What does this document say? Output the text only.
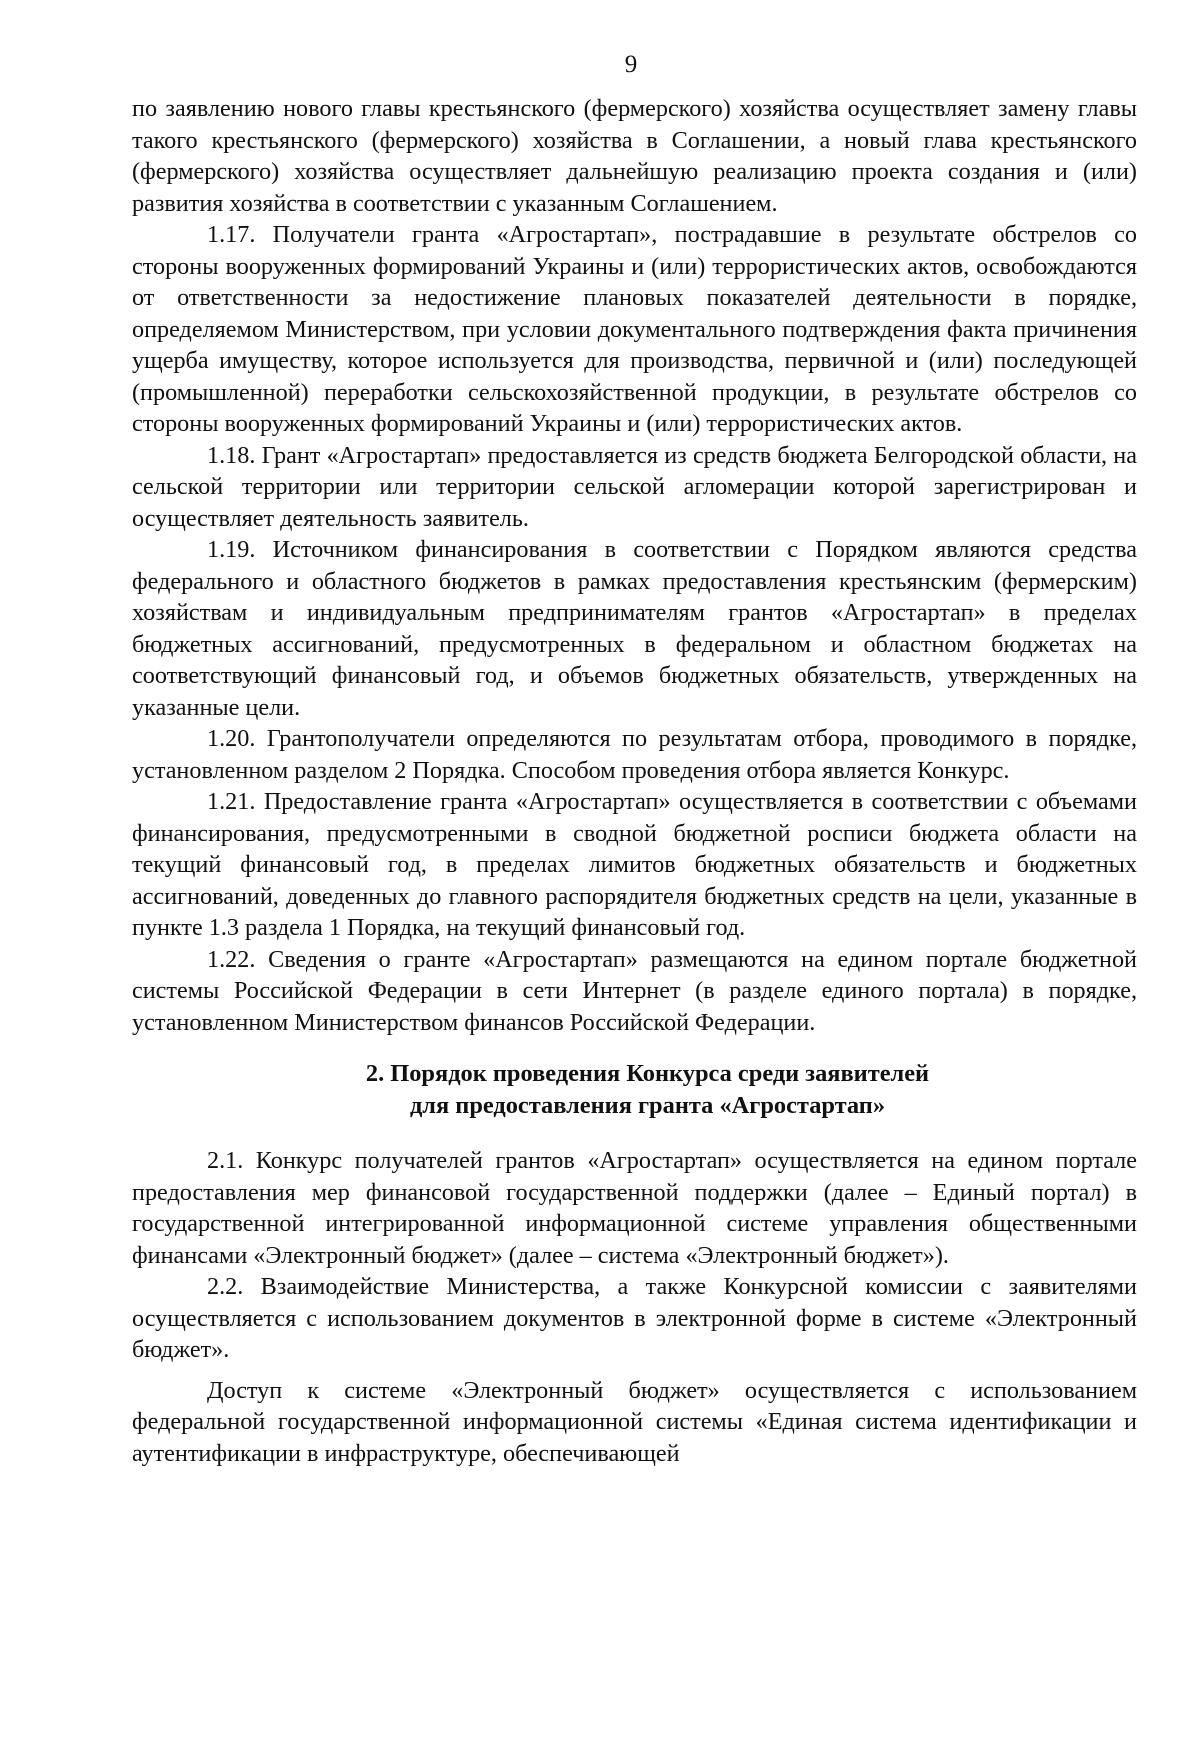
9

по заявлению нового главы крестьянского (фермерского) хозяйства осуществляет замену главы такого крестьянского (фермерского) хозяйства в Соглашении, а новый глава крестьянского (фермерского) хозяйства осуществляет дальнейшую реализацию проекта создания и (или) развития хозяйства в соответствии с указанным Соглашением.

1.17. Получатели гранта «Агростартап», пострадавшие в результате обстрелов со стороны вооруженных формирований Украины и (или) террористических актов, освобождаются от ответственности за недостижение плановых показателей деятельности в порядке, определяемом Министерством, при условии документального подтверждения факта причинения ущерба имуществу, которое используется для производства, первичной и (или) последующей (промышленной) переработки сельскохозяйственной продукции, в результате обстрелов со стороны вооруженных формирований Украины и (или) террористических актов.

1.18. Грант «Агростартап» предоставляется из средств бюджета Белгородской области, на сельской территории или территории сельской агломерации которой зарегистрирован и осуществляет деятельность заявитель.

1.19. Источником финансирования в соответствии с Порядком являются средства федерального и областного бюджетов в рамках предоставления крестьянским (фермерским) хозяйствам и индивидуальным предпринимателям грантов «Агростартап» в пределах бюджетных ассигнований, предусмотренных в федеральном и областном бюджетах на соответствующий финансовый год, и объемов бюджетных обязательств, утвержденных на указанные цели.

1.20. Грантополучатели определяются по результатам отбора, проводимого в порядке, установленном разделом 2 Порядка. Способом проведения отбора является Конкурс.

1.21. Предоставление гранта «Агростартап» осуществляется в соответствии с объемами финансирования, предусмотренными в сводной бюджетной росписи бюджета области на текущий финансовый год, в пределах лимитов бюджетных обязательств и бюджетных ассигнований, доведенных до главного распорядителя бюджетных средств на цели, указанные в пункте 1.3 раздела 1 Порядка, на текущий финансовый год.

1.22. Сведения о гранте «Агростартап» размещаются на едином портале бюджетной системы Российской Федерации в сети Интернет (в разделе единого портала) в порядке, установленном Министерством финансов Российской Федерации.

2. Порядок проведения Конкурса среди заявителей
для предоставления гранта «Агростартап»

2.1. Конкурс получателей грантов «Агростартап» осуществляется на едином портале предоставления мер финансовой государственной поддержки (далее – Единый портал) в государственной интегрированной информационной системе управления общественными финансами «Электронный бюджет» (далее – система «Электронный бюджет»).

2.2. Взаимодействие Министерства, а также Конкурсной комиссии с заявителями осуществляется с использованием документов в электронной форме в системе «Электронный бюджет».

Доступ к системе «Электронный бюджет» осуществляется с использованием федеральной государственной информационной системы «Единая система идентификации и аутентификации в инфраструктуре, обеспечивающей
